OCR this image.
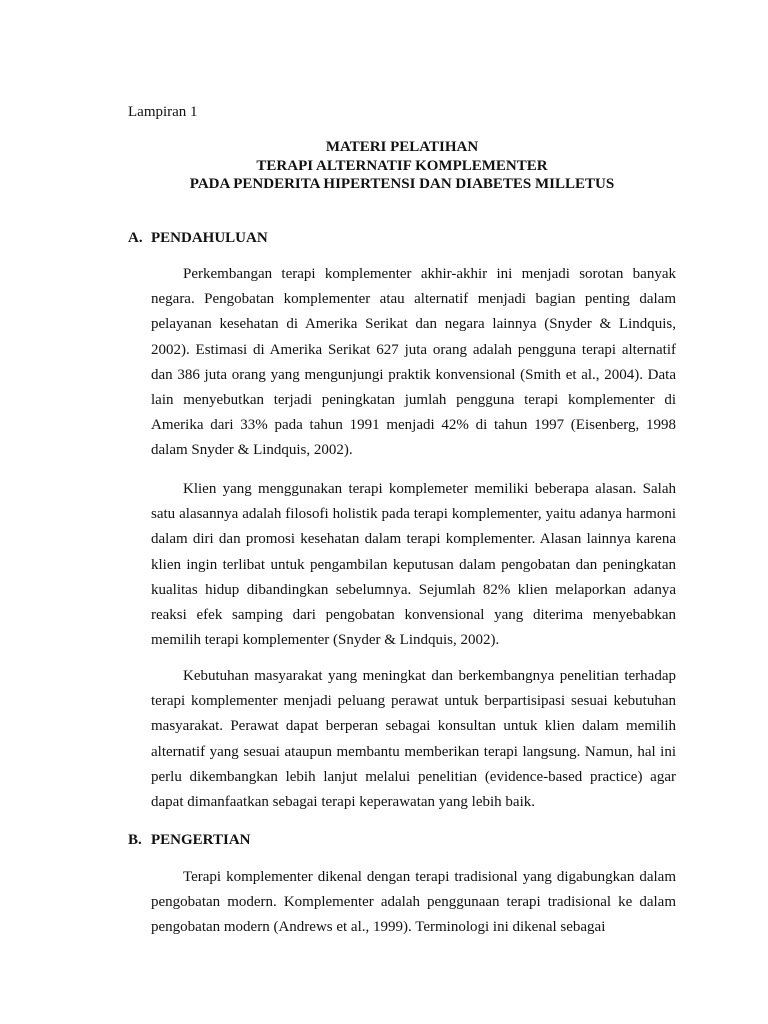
Lampiran 1

MATERI PELATIHAN
TERAPI ALTERNATIF KOMPLEMENTER
PADA PENDERITA HIPERTENSI DAN DIABETES MILLETUS
A. PENDAHULUAN

Perkembangan terapi komplementer akhir-akhir ini menjadi sorotan banyak negara. Pengobatan komplementer atau alternatif menjadi bagian penting dalam pelayanan kesehatan di Amerika Serikat dan negara lainnya (Snyder & Lindquis, 2002). Estimasi di Amerika Serikat 627 juta orang adalah pengguna terapi alternatif dan 386 juta orang yang mengunjungi praktik konvensional (Smith et al., 2004). Data lain menyebutkan terjadi peningkatan jumlah pengguna terapi komplementer di Amerika dari 33% pada tahun 1991 menjadi 42% di tahun 1997 (Eisenberg, 1998 dalam Snyder & Lindquis, 2002).

Klien yang menggunakan terapi komplemeter memiliki beberapa alasan. Salah satu alasannya adalah filosofi holistik pada terapi komplementer, yaitu adanya harmoni dalam diri dan promosi kesehatan dalam terapi komplementer. Alasan lainnya karena klien ingin terlibat untuk pengambilan keputusan dalam pengobatan dan peningkatan kualitas hidup dibandingkan sebelumnya. Sejumlah 82% klien melaporkan adanya reaksi efek samping dari pengobatan konvensional yang diterima menyebabkan memilih terapi komplementer (Snyder & Lindquis, 2002).

Kebutuhan masyarakat yang meningkat dan berkembangnya penelitian terhadap terapi komplementer menjadi peluang perawat untuk berpartisipasi sesuai kebutuhan masyarakat. Perawat dapat berperan sebagai konsultan untuk klien dalam memilih alternatif yang sesuai ataupun membantu memberikan terapi langsung. Namun, hal ini perlu dikembangkan lebih lanjut melalui penelitian (evidence-based practice) agar dapat dimanfaatkan sebagai terapi keperawatan yang lebih baik.

B. PENGERTIAN

Terapi komplementer dikenal dengan terapi tradisional yang digabungkan dalam pengobatan modern. Komplementer adalah penggunaan terapi tradisional ke dalam pengobatan modern (Andrews et al., 1999). Terminologi ini dikenal sebagai
